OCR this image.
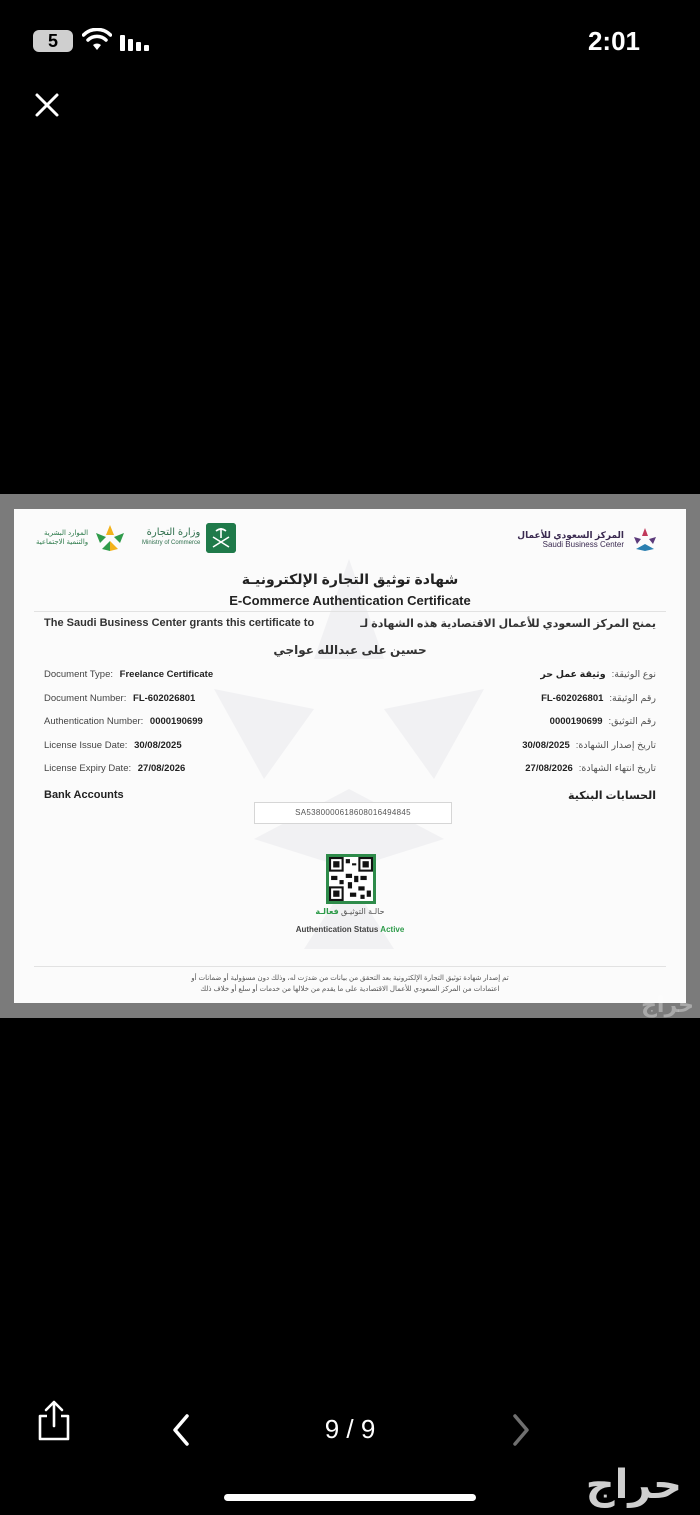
5	2:01
المركز السعودي للأعمال
Saudi Business Center
وزارة التجارة
Ministry of Commerce
الموارد البشرية
والتنمية الاجتماعية
شهادة توثيق التجارة الإلكترونيـة
E-Commerce Authentication Certificate
The Saudi Business Center grants this certificate to	يمنح المركز السعودي للأعمال الاقتصادية هذه الشهادة لـ
حسين على عبدالله عواجي
Document Type: Freelance Certificate	نوع الوثيقة:وثيقة عمل حر
Document Number: FL-602026801	رقم الوثيقة:FL-602026801
Authentication Number: 0000190699	رقم التوثيق:0000190699
License Issue Date: 30/08/2025	تاريخ إصدار الشهادة:30/08/2025
License Expiry Date: 27/08/2026	تاريخ انتهاء الشهادة:27/08/2026
Bank Accounts	الحسابات البنكية
SA5380000618608016494845
حالـة التوثيـق فعالـة
Authentication Status Active
تم إصدار شهادة توثيق التجارة الإلكترونية بعد التحقق من بيانات من صَدرَت له، وذلك دون مسؤولية أو ضمانات أو
اعتمادات من المركز السعودي للأعمال الاقتصادية على ما يقدم من خلالها من خدمات أو سلع أو خلاف ذلك
حراج
9 / 9
حراج
